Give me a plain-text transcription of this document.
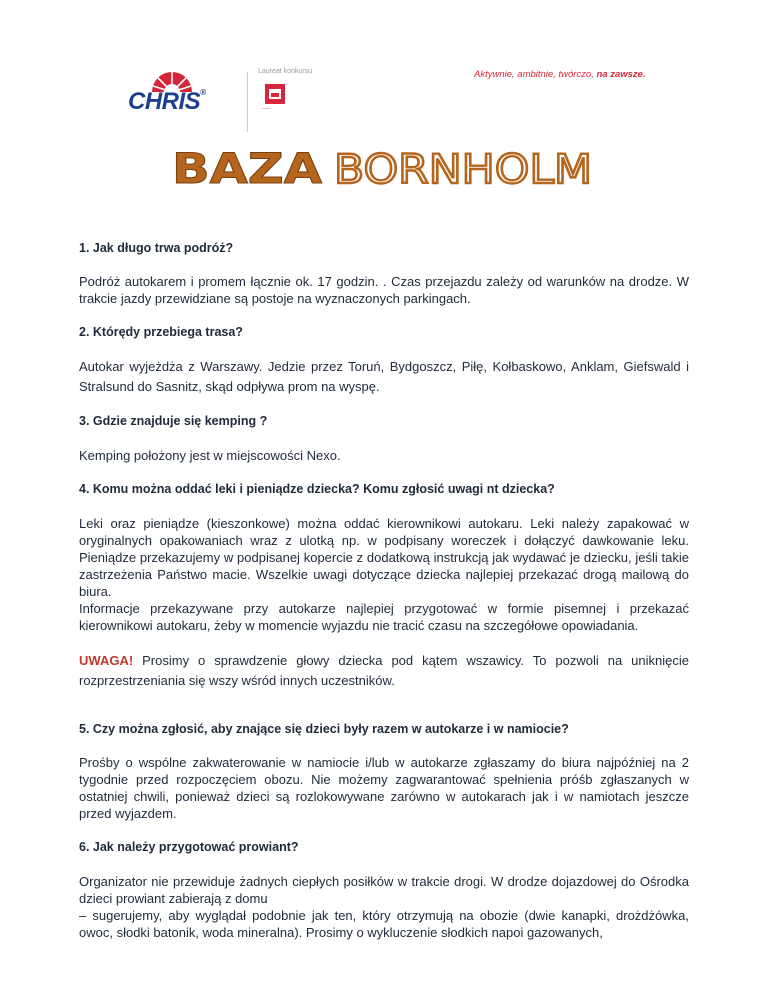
CHRIS®
Laureat konkursu
───
Aktywnie, ambitnie, twórczo, na zawsze.
BAZA BORNHOLM

1. Jak długo trwa podróż?

Podróż autokarem i promem łącznie ok. 17 godzin. . Czas przejazdu zależy od warunków na drodze. W trakcie jazdy przewidziane są postoje na wyznaczonych parkingach.

2. Którędy przebiega trasa?

Autokar wyjeżdża z Warszawy. Jedzie przez Toruń, Bydgoszcz, Piłę, Kołbaskowo, Anklam, Giefswald i Stralsund do Sasnitz, skąd odpływa prom na wyspę.

3. Gdzie znajduje się kemping ?

Kemping położony jest w miejscowości Nexo.

4. Komu można oddać leki i pieniądze dziecka? Komu zgłosić uwagi nt dziecka?

Leki oraz pieniądze (kieszonkowe) można oddać kierownikowi autokaru. Leki należy zapakować w oryginalnych opakowaniach wraz z ulotką np. w podpisany woreczek i dołączyć dawkowanie leku. Pieniądze przekazujemy w podpisanej kopercie z dodatkową instrukcją jak wydawać je dziecku, jeśli takie zastrzeżenia Państwo macie. Wszelkie uwagi dotyczące dziecka najlepiej przekazać drogą mailową do biura.

Informacje przekazywane przy autokarze najlepiej przygotować w formie pisemnej i przekazać kierownikowi autokaru, żeby w momencie wyjazdu nie tracić czasu na szczegółowe opowiadania.

UWAGA! Prosimy o sprawdzenie głowy dziecka pod kątem wszawicy. To pozwoli na uniknięcie rozprzestrzeniania się wszy wśród innych uczestników.

5. Czy można zgłosić, aby znające się dzieci były razem w autokarze i w namiocie?

Prośby o wspólne zakwaterowanie w namiocie i/lub w autokarze zgłaszamy do biura najpóźniej na 2 tygodnie przed rozpoczęciem obozu. Nie możemy zagwarantować spełnienia próśb zgłaszanych w ostatniej chwili, ponieważ dzieci są rozlokowywane zarówno w autokarach jak i w namiotach jeszcze przed wyjazdem.

6. Jak należy przygotować prowiant?

Organizator nie przewiduje żadnych ciepłych posiłków w trakcie drogi. W drodze dojazdowej do Ośrodka dzieci prowiant zabierają z domu

– sugerujemy, aby wyglądał podobnie jak ten, który otrzymują na obozie (dwie kanapki, drożdżówka, owoc, słodki batonik, woda mineralna). Prosimy o wykluczenie słodkich napoi gazowanych,
